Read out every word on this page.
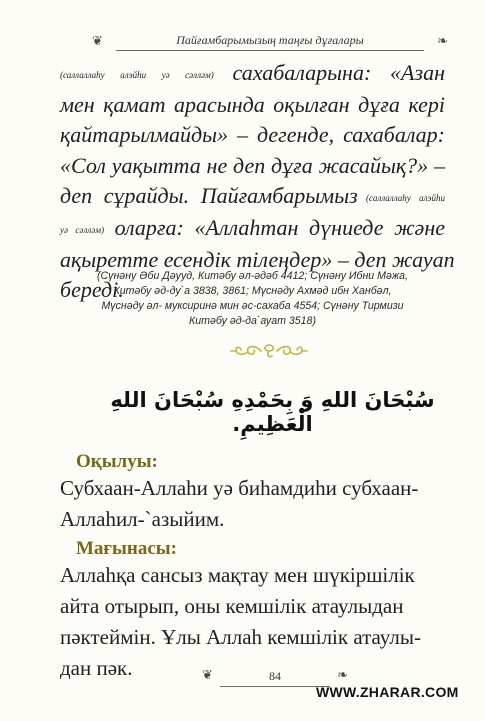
❦	Пайғамбарымызың таңғы дұғалары	❧
(саллаллаһу алэйһи уә сәлләм) сахабаларына: «Азан
мен қамат арасында оқылған дұға кері
қайтарылмайды» – дегенде, сахабалар:
«Сол уақытта не деп дұға жасайық?» –
деп сұрайды. Пайғамбарымыз (саллаллаһу алэйһи
уә сәлләм) оларға: «Аллаһтан дүниеде және
ақыретте есендік тілеңдер» – деп жауап
береді.
(Сүнәну Әби Дәууд, Китәбу әл-әдәб 4412; Сүнәну Ибни Мәжа,
Китәбу әд-ду`а 3838, 3861; Мүснәду Ахмәд ибн Ханбәл,
Мүснәду әл- муксиринә мин әс-сахаба 4554; Сүнәну Тирмизи
Китәбу әд-да`ауат 3518)
سُبْحَانَ اللهِ وَ بِحَمْدِهِ سُبْحَانَ اللهِ الْعَظِيمِ.
Оқылуы:
Субхаан-Аллаһи уә биһамдиһи субхаан-
Аллаһил-`азыйим.
Мағынасы:
Аллаһқа сансыз мақтау мен шүкіршілік
айта отырып, оны кемшілік атаулыдан
пәктеймін. Ұлы Аллаһ кемшілік атаулы-
дан пәк.	❦	84	❧
WWW.ZHARAR.COM
